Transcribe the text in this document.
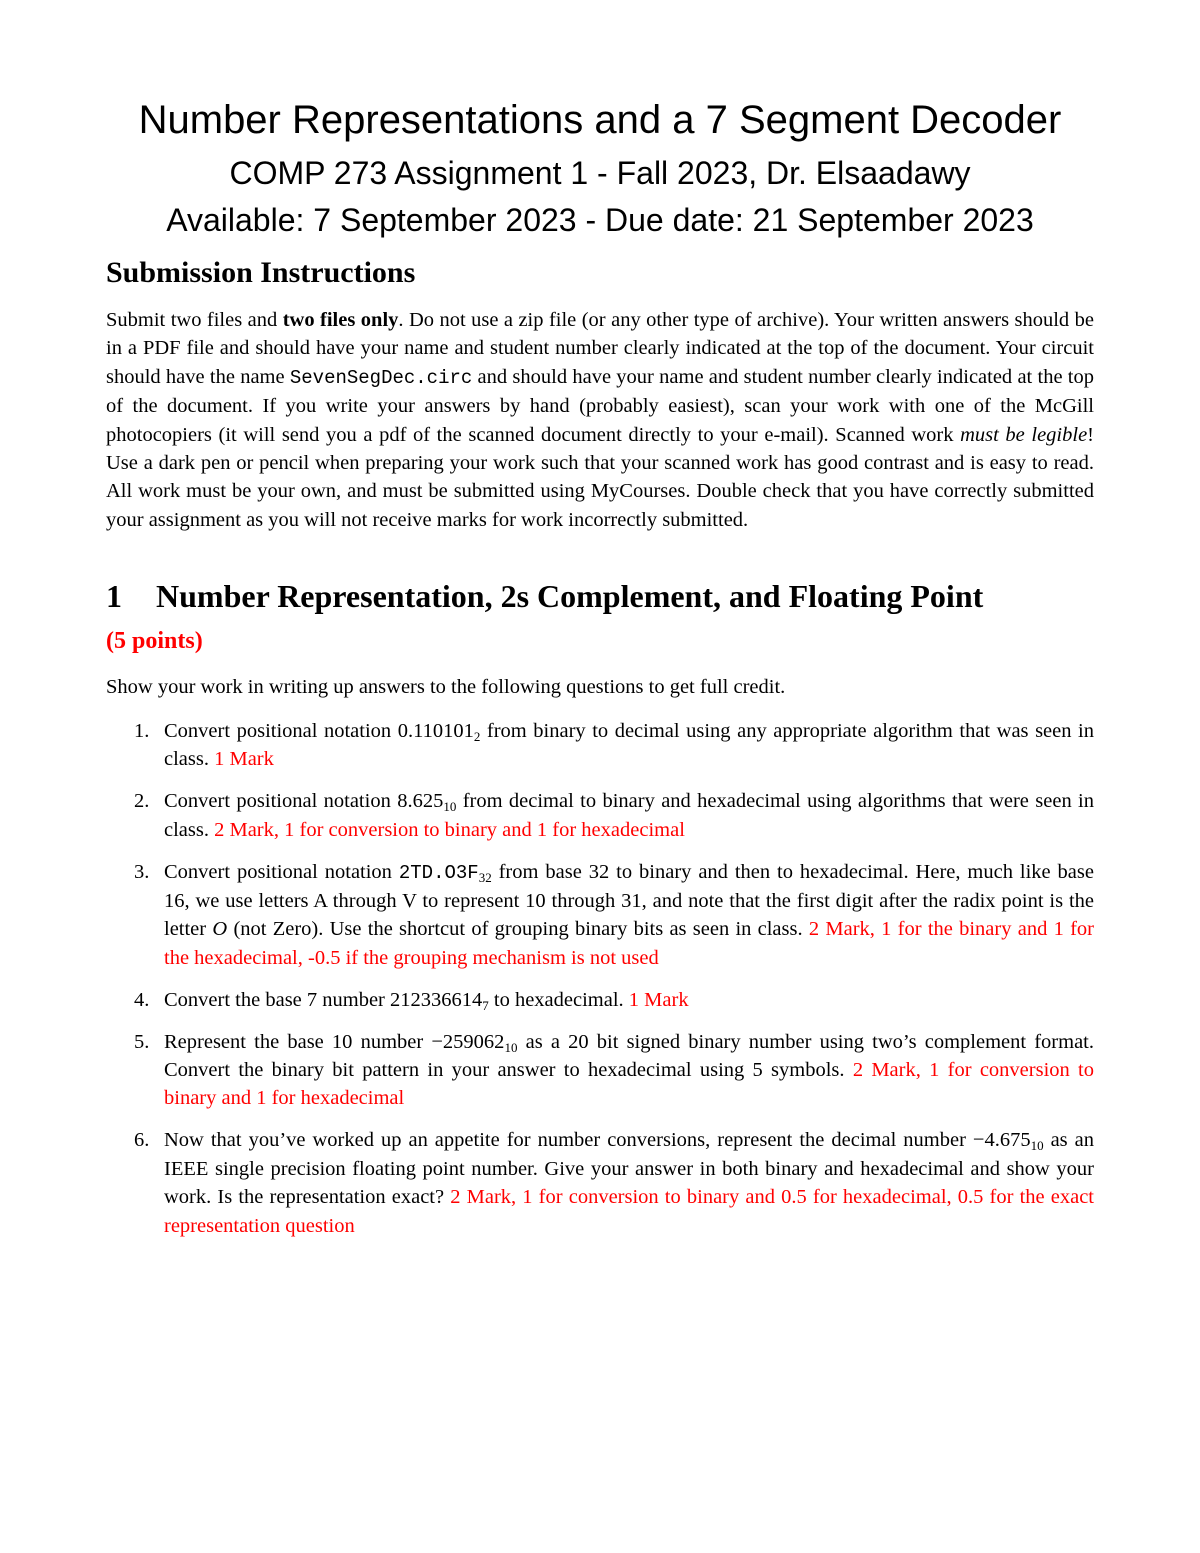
Number Representations and a 7 Segment Decoder
COMP 273 Assignment 1 - Fall 2023, Dr. Elsaadawy
Available: 7 September 2023 - Due date: 21 September 2023
Submission Instructions
Submit two files and two files only. Do not use a zip file (or any other type of archive). Your written answers should be in a PDF file and should have your name and student number clearly indicated at the top of the document. Your circuit should have the name SevenSegDec.circ and should have your name and student number clearly indicated at the top of the document. If you write your answers by hand (probably easiest), scan your work with one of the McGill photocopiers (it will send you a pdf of the scanned document directly to your e-mail). Scanned work must be legible! Use a dark pen or pencil when preparing your work such that your scanned work has good contrast and is easy to read. All work must be your own, and must be submitted using MyCourses. Double check that you have correctly submitted your assignment as you will not receive marks for work incorrectly submitted.
1 Number Representation, 2s Complement, and Floating Point
(5 points)
Show your work in writing up answers to the following questions to get full credit.
1. Convert positional notation $0.110101_2$ from binary to decimal using any appropriate algorithm that was seen in class. 1 Mark
2. Convert positional notation $8.625_{10}$ from decimal to binary and hexadecimal using algorithms that were seen in class. 2 Mark, 1 for conversion to binary and 1 for hexadecimal
3. Convert positional notation $2TD.O3F_{32}$ from base 32 to binary and then to hexadecimal. Here, much like base 16, we use letters A through V to represent 10 through 31, and note that the first digit after the radix point is the letter O (not Zero). Use the shortcut of grouping binary bits as seen in class. 2 Mark, 1 for the binary and 1 for the hexadecimal, -0.5 if the grouping mechanism is not used
4. Convert the base 7 number $212336614_7$ to hexadecimal. 1 Mark
5. Represent the base 10 number $-259062_{10}$ as a 20 bit signed binary number using two’s complement format. Convert the binary bit pattern in your answer to hexadecimal using 5 symbols. 2 Mark, 1 for conversion to binary and 1 for hexadecimal
6. Now that you’ve worked up an appetite for number conversions, represent the decimal number $-4.675_{10}$ as an IEEE single precision floating point number. Give your answer in both binary and hexadecimal and show your work. Is the representation exact? 2 Mark, 1 for conversion to binary and 0.5 for hexadecimal, 0.5 for the exact representation question
